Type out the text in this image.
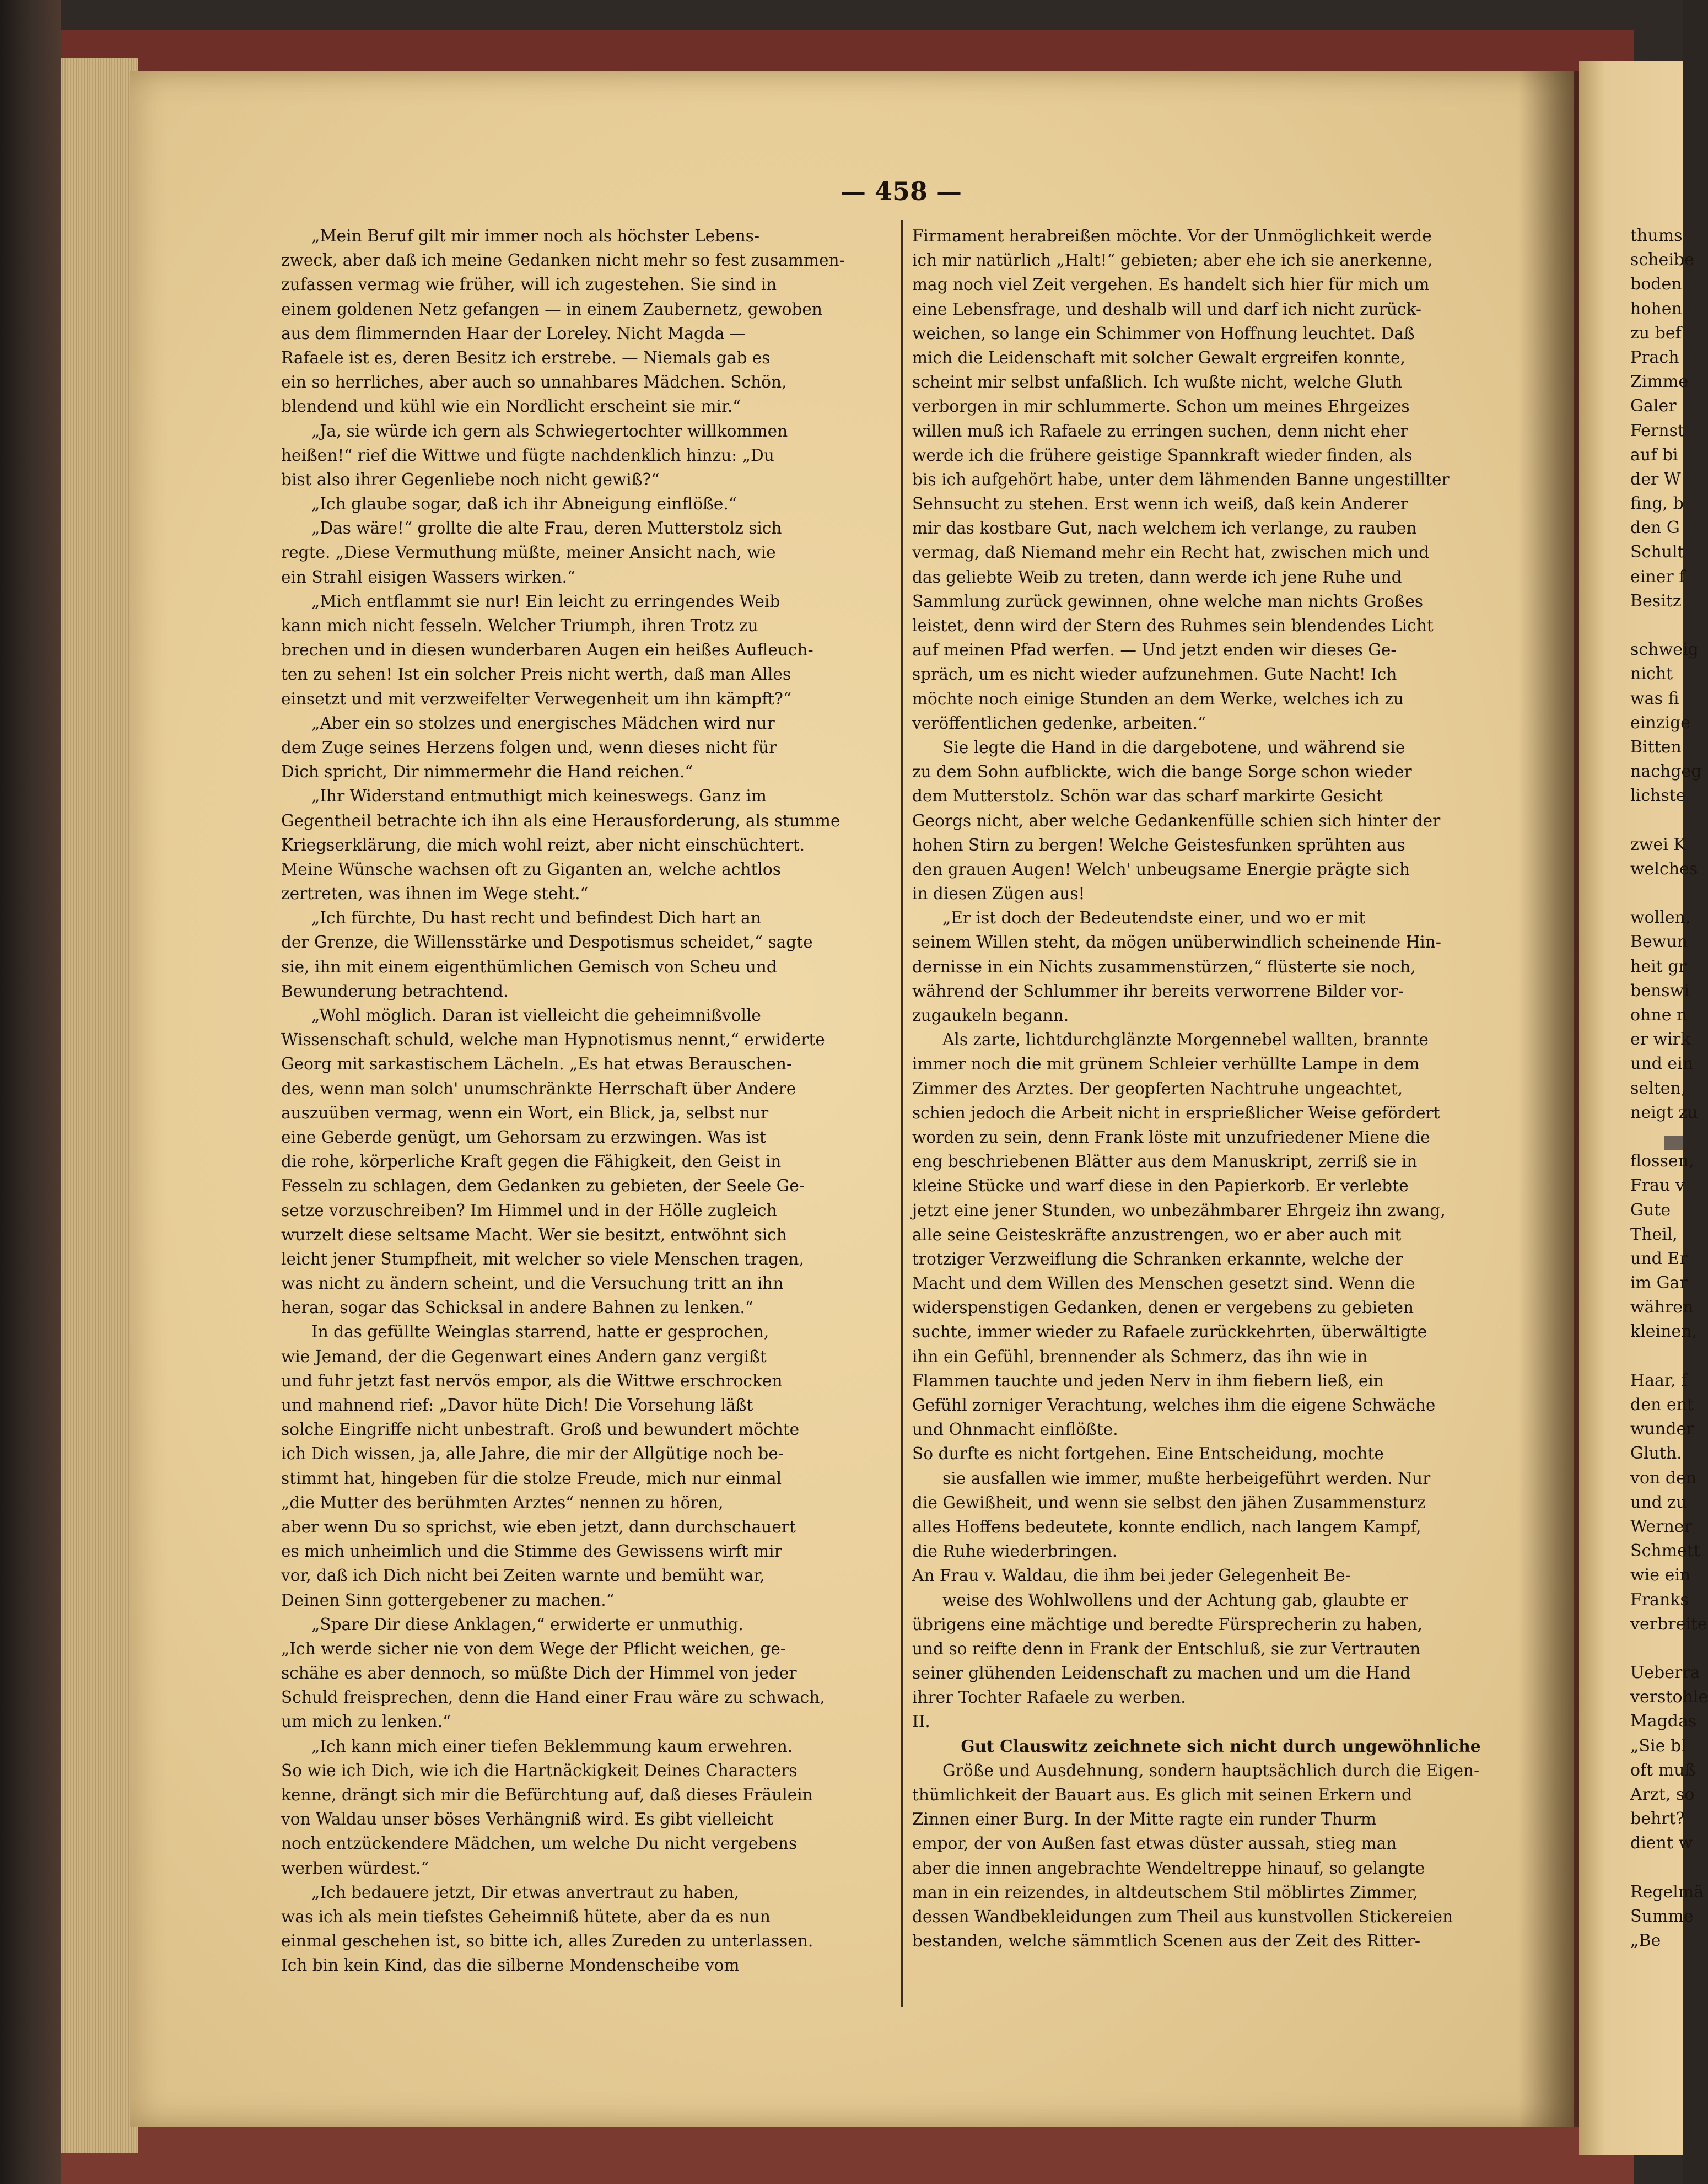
— 458 —
„Mein Beruf gilt mir immer noch als höchster Lebens-
zweck, aber daß ich meine Gedanken nicht mehr so fest zusammen-
zufassen vermag wie früher, will ich zugestehen. Sie sind in
einem goldenen Netz gefangen — in einem Zaubernetz, gewoben
aus dem flimmernden Haar der Loreley. Nicht Magda —
Rafaele ist es, deren Besitz ich erstrebe. — Niemals gab es
ein so herrliches, aber auch so unnahbares Mädchen. Schön,
blendend und kühl wie ein Nordlicht erscheint sie mir.“
„Ja, sie würde ich gern als Schwiegertochter willkommen
heißen!“ rief die Wittwe und fügte nachdenklich hinzu: „Du
bist also ihrer Gegenliebe noch nicht gewiß?“
„Ich glaube sogar, daß ich ihr Abneigung einflöße.“
„Das wäre!“ grollte die alte Frau, deren Mutterstolz sich
regte. „Diese Vermuthung müßte, meiner Ansicht nach, wie
ein Strahl eisigen Wassers wirken.“
„Mich entflammt sie nur! Ein leicht zu erringendes Weib
kann mich nicht fesseln. Welcher Triumph, ihren Trotz zu
brechen und in diesen wunderbaren Augen ein heißes Aufleuch-
ten zu sehen! Ist ein solcher Preis nicht werth, daß man Alles
einsetzt und mit verzweifelter Verwegenheit um ihn kämpft?“
„Aber ein so stolzes und energisches Mädchen wird nur
dem Zuge seines Herzens folgen und, wenn dieses nicht für
Dich spricht, Dir nimmermehr die Hand reichen.“
„Ihr Widerstand entmuthigt mich keineswegs. Ganz im
Gegentheil betrachte ich ihn als eine Herausforderung, als stumme
Kriegserklärung, die mich wohl reizt, aber nicht einschüchtert.
Meine Wünsche wachsen oft zu Giganten an, welche achtlos
zertreten, was ihnen im Wege steht.“
„Ich fürchte, Du hast recht und befindest Dich hart an
der Grenze, die Willensstärke und Despotismus scheidet,“ sagte
sie, ihn mit einem eigenthümlichen Gemisch von Scheu und
Bewunderung betrachtend.
„Wohl möglich. Daran ist vielleicht die geheimnißvolle
Wissenschaft schuld, welche man Hypnotismus nennt,“ erwiderte
Georg mit sarkastischem Lächeln. „Es hat etwas Berauschen-
des, wenn man solch' unumschränkte Herrschaft über Andere
auszuüben vermag, wenn ein Wort, ein Blick, ja, selbst nur
eine Geberde genügt, um Gehorsam zu erzwingen. Was ist
die rohe, körperliche Kraft gegen die Fähigkeit, den Geist in
Fesseln zu schlagen, dem Gedanken zu gebieten, der Seele Ge-
setze vorzuschreiben? Im Himmel und in der Hölle zugleich
wurzelt diese seltsame Macht. Wer sie besitzt, entwöhnt sich
leicht jener Stumpfheit, mit welcher so viele Menschen tragen,
was nicht zu ändern scheint, und die Versuchung tritt an ihn
heran, sogar das Schicksal in andere Bahnen zu lenken.“
In das gefüllte Weinglas starrend, hatte er gesprochen,
wie Jemand, der die Gegenwart eines Andern ganz vergißt
und fuhr jetzt fast nervös empor, als die Wittwe erschrocken
und mahnend rief: „Davor hüte Dich! Die Vorsehung läßt
solche Eingriffe nicht unbestraft. Groß und bewundert möchte
ich Dich wissen, ja, alle Jahre, die mir der Allgütige noch be-
stimmt hat, hingeben für die stolze Freude, mich nur einmal
„die Mutter des berühmten Arztes“ nennen zu hören,
aber wenn Du so sprichst, wie eben jetzt, dann durchschauert
es mich unheimlich und die Stimme des Gewissens wirft mir
vor, daß ich Dich nicht bei Zeiten warnte und bemüht war,
Deinen Sinn gottergebener zu machen.“
„Spare Dir diese Anklagen,“ erwiderte er unmuthig.
„Ich werde sicher nie von dem Wege der Pflicht weichen, ge-
schähe es aber dennoch, so müßte Dich der Himmel von jeder
Schuld freisprechen, denn die Hand einer Frau wäre zu schwach,
um mich zu lenken.“
„Ich kann mich einer tiefen Beklemmung kaum erwehren.
So wie ich Dich, wie ich die Hartnäckigkeit Deines Characters
kenne, drängt sich mir die Befürchtung auf, daß dieses Fräulein
von Waldau unser böses Verhängniß wird. Es gibt vielleicht
noch entzückendere Mädchen, um welche Du nicht vergebens
werben würdest.“
„Ich bedauere jetzt, Dir etwas anvertraut zu haben,
was ich als mein tiefstes Geheimniß hütete, aber da es nun
einmal geschehen ist, so bitte ich, alles Zureden zu unterlassen.
Ich bin kein Kind, das die silberne Mondenscheibe vom
Firmament herabreißen möchte. Vor der Unmöglichkeit werde
ich mir natürlich „Halt!“ gebieten; aber ehe ich sie anerkenne,
mag noch viel Zeit vergehen. Es handelt sich hier für mich um
eine Lebensfrage, und deshalb will und darf ich nicht zurück-
weichen, so lange ein Schimmer von Hoffnung leuchtet. Daß
mich die Leidenschaft mit solcher Gewalt ergreifen konnte,
scheint mir selbst unfaßlich. Ich wußte nicht, welche Gluth
verborgen in mir schlummerte. Schon um meines Ehrgeizes
willen muß ich Rafaele zu erringen suchen, denn nicht eher
werde ich die frühere geistige Spannkraft wieder finden, als
bis ich aufgehört habe, unter dem lähmenden Banne ungestillter
Sehnsucht zu stehen. Erst wenn ich weiß, daß kein Anderer
mir das kostbare Gut, nach welchem ich verlange, zu rauben
vermag, daß Niemand mehr ein Recht hat, zwischen mich und
das geliebte Weib zu treten, dann werde ich jene Ruhe und
Sammlung zurück gewinnen, ohne welche man nichts Großes
leistet, denn wird der Stern des Ruhmes sein blendendes Licht
auf meinen Pfad werfen. — Und jetzt enden wir dieses Ge-
spräch, um es nicht wieder aufzunehmen. Gute Nacht! Ich
möchte noch einige Stunden an dem Werke, welches ich zu
veröffentlichen gedenke, arbeiten.“
Sie legte die Hand in die dargebotene, und während sie
zu dem Sohn aufblickte, wich die bange Sorge schon wieder
dem Mutterstolz. Schön war das scharf markirte Gesicht
Georgs nicht, aber welche Gedankenfülle schien sich hinter der
hohen Stirn zu bergen! Welche Geistesfunken sprühten aus
den grauen Augen! Welch' unbeugsame Energie prägte sich
in diesen Zügen aus!
„Er ist doch der Bedeutendste einer, und wo er mit
seinem Willen steht, da mögen unüberwindlich scheinende Hin-
dernisse in ein Nichts zusammenstürzen,“ flüsterte sie noch,
während der Schlummer ihr bereits verworrene Bilder vor-
zugaukeln begann.
Als zarte, lichtdurchglänzte Morgennebel wallten, brannte
immer noch die mit grünem Schleier verhüllte Lampe in dem
Zimmer des Arztes. Der geopferten Nachtruhe ungeachtet,
schien jedoch die Arbeit nicht in ersprießlicher Weise gefördert
worden zu sein, denn Frank löste mit unzufriedener Miene die
eng beschriebenen Blätter aus dem Manuskript, zerriß sie in
kleine Stücke und warf diese in den Papierkorb. Er verlebte
jetzt eine jener Stunden, wo unbezähmbarer Ehrgeiz ihn zwang,
alle seine Geisteskräfte anzustrengen, wo er aber auch mit
trotziger Verzweiflung die Schranken erkannte, welche der
Macht und dem Willen des Menschen gesetzt sind. Wenn die
widerspenstigen Gedanken, denen er vergebens zu gebieten
suchte, immer wieder zu Rafaele zurückkehrten, überwältigte
ihn ein Gefühl, brennender als Schmerz, das ihn wie in
Flammen tauchte und jeden Nerv in ihm fiebern ließ, ein
Gefühl zorniger Verachtung, welches ihm die eigene Schwäche
und Ohnmacht einflößte.
So durfte es nicht fortgehen. Eine Entscheidung, mochte
sie ausfallen wie immer, mußte herbeigeführt werden. Nur
die Gewißheit, und wenn sie selbst den jähen Zusammensturz
alles Hoffens bedeutete, konnte endlich, nach langem Kampf,
die Ruhe wiederbringen.
An Frau v. Waldau, die ihm bei jeder Gelegenheit Be-
weise des Wohlwollens und der Achtung gab, glaubte er
übrigens eine mächtige und beredte Fürsprecherin zu haben,
und so reifte denn in Frank der Entschluß, sie zur Vertrauten
seiner glühenden Leidenschaft zu machen und um die Hand
ihrer Tochter Rafaele zu werben.
II.
Gut Clauswitz zeichnete sich nicht durch ungewöhnliche
Größe und Ausdehnung, sondern hauptsächlich durch die Eigen-
thümlichkeit der Bauart aus. Es glich mit seinen Erkern und
Zinnen einer Burg. In der Mitte ragte ein runder Thurm
empor, der von Außen fast etwas düster aussah, stieg man
aber die innen angebrachte Wendeltreppe hinauf, so gelangte
man in ein reizendes, in altdeutschem Stil möblirtes Zimmer,
dessen Wandbekleidungen zum Theil aus kunstvollen Stickereien
bestanden, welche sämmtlich Scenen aus der Zeit des Ritter-
thums
scheibe
boden
hohen
zu bef
Prach
Zimme
Galer
Fernst
auf bi
der W
fing, b
den G
Schult
einer f
Besitz
schweig
nicht
was fi
einzige
Bitten
nachgeg
lichste
zwei K
welches
wollen,
Bewun
heit gr
benswi
ohne n
er wirk
und ein
selten,
neigt zu
flossen,
Frau v
Gute
Theil,
und Er
im Gar
währen
kleinen,
Haar, f
den ent
wunder
Gluth.
von den
und zu
Werner
Schmett
wie ein
Franks
verbreite
Ueberra
verstohle
Magdas
„Sie bl
oft muß
Arzt, so
behrt?
dient w
Regelmä
Summe
„Be
